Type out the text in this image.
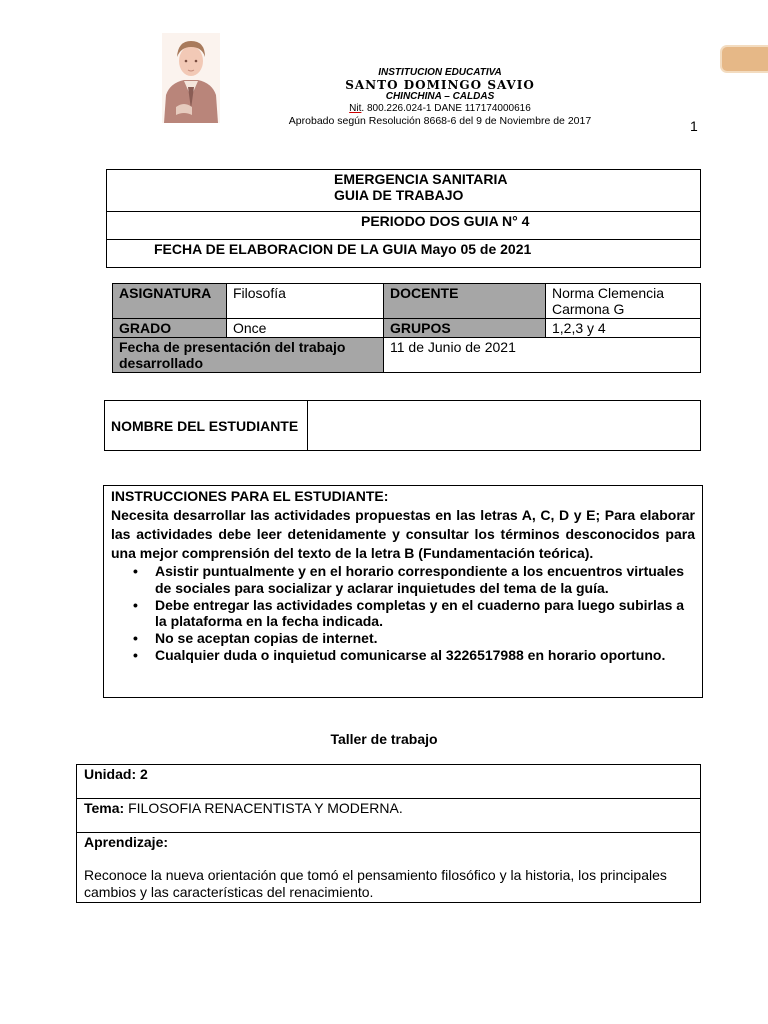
INSTITUCION EDUCATIVA
SANTO DOMINGO SAVIO
CHINCHINA – CALDAS
Nit. 800.226.024-1 DANE 117174000616
Aprobado según Resolución 8668-6 del 9 de Noviembre de 2017	1
EMERGENCIA SANITARIA
GUIA DE TRABAJO

PERIODO DOS GUIA N° 4
FECHA DE ELABORACION DE LA GUIA Mayo 05 de 2021
ASIGNATURA	Filosofía	DOCENTE	Norma Clemencia Carmona G
GRADO	Once	GRUPOS	1,2,3 y 4
Fecha de presentación del trabajo desarrollado		11 de Junio de 2021	
NOMBRE DEL ESTUDIANTE	
INSTRUCCIONES PARA EL ESTUDIANTE:
Necesita desarrollar las actividades propuestas en las letras A, C, D y E; Para elaborar las actividades debe leer detenidamente y consultar los términos desconocidos para una mejor comprensión del texto de la letra B (Fundamentación teórica).
• Asistir puntualmente y en el horario correspondiente a los encuentros virtuales de sociales para socializar y aclarar inquietudes del tema de la guía.
• Debe entregar las actividades completas y en el cuaderno para luego subirlas a la plataforma en la fecha indicada.
• No se aceptan copias de internet.
• Cualquier duda o inquietud comunicarse al 3226517988 en horario oportuno.
Taller de trabajo
Unidad: 2
Tema: FILOSOFIA RENACENTISTA Y MODERNA.

Aprendizaje:
Reconoce la nueva orientación que tomó el pensamiento filosófico y la historia, los principales cambios y las características del renacimiento.
